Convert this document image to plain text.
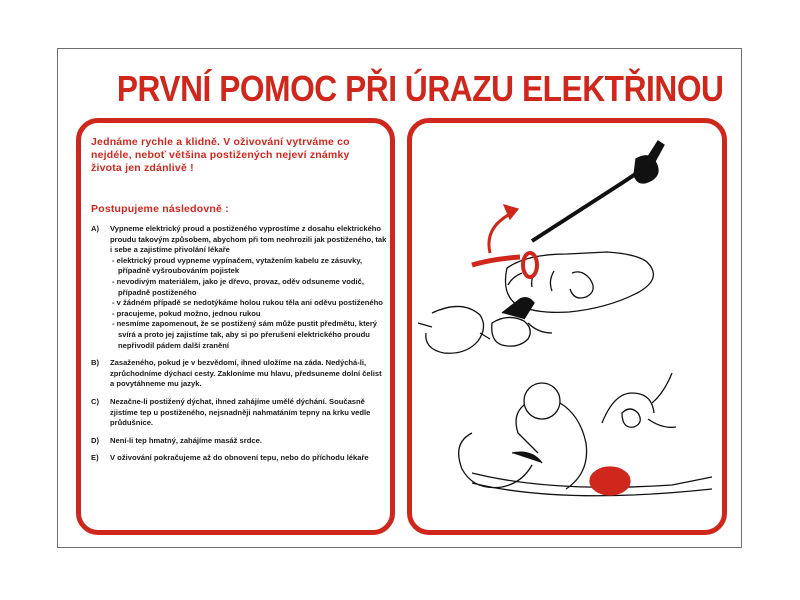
PRVNÍ POMOC PŘI ÚRAZU ELEKTŘINOU

Jednáme rychle a klidně. V oživování vytrváme co nejdéle, neboť většina postižených nejeví známky života jen zdánlivě !

Postupujeme následovně :

A) Vypneme elektrický proud a postiženého vyprostíme z dosahu elektrického proudu takovým způsobem, abychom při tom neohrozili jak postiženého, tak i sebe a zajistíme přivolání lékaře
- elektrický proud vypneme vypínačem, vytažením kabelu ze zásuvky, případně vyšroubováním pojistek
- nevodivým materiálem, jako je dřevo, provaz, oděv odsuneme vodič, případně postiženého
- v žádném případě se nedotýkáme holou rukou těla ani oděvu postiženého
- pracujeme, pokud možno, jednou rukou
- nesmíme zapomenout, že se postižený sám může pustit předmětu, který svírá a proto jej zajistíme tak, aby si po přerušení elektrického proudu nepřivodil pádem další zranění
B) Zasaženého, pokud je v bezvědomí, ihned uložíme na záda. Nedýchá-li, zprůchodníme dýchací cesty. Zakloníme mu hlavu, předsuneme dolní čelist a povytáhneme mu jazyk.
C) Nezačne-li postižený dýchat, ihned zahájíme umělé dýchání. Současně zjistíme tep u postiženého, nejsnadněji nahmatáním tepny na krku vedle průdušnice.
D) Není-li tep hmatný, zahájíme masáž srdce.
E) V oživování pokračujeme až do obnovení tepu, nebo do příchodu lékaře
